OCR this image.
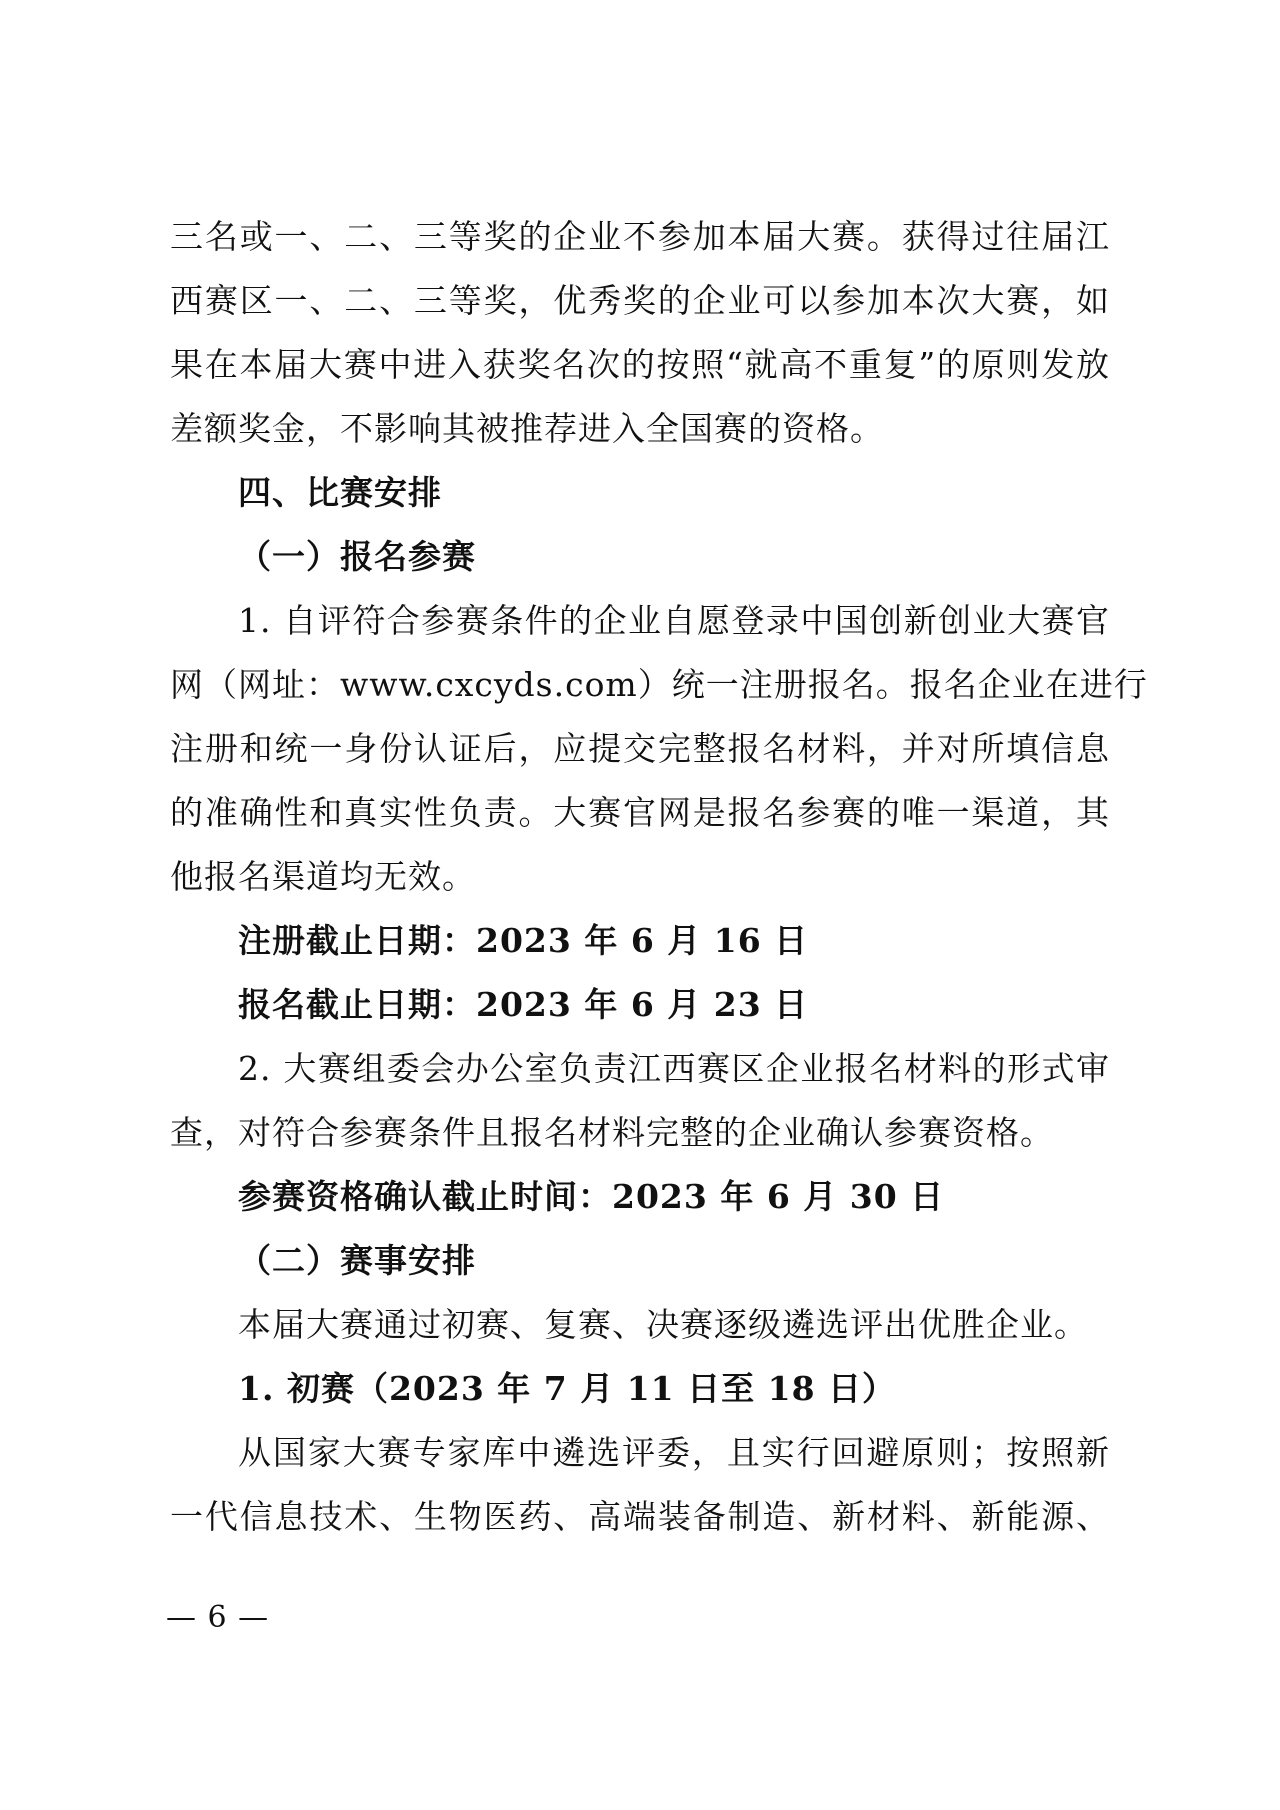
三名或一、二、三等奖的企业不参加本届大赛。获得过往届江
西赛区一、二、三等奖，优秀奖的企业可以参加本次大赛，如
果在本届大赛中进入获奖名次的按照“就高不重复”的原则发放
差额奖金，不影响其被推荐进入全国赛的资格。
四、比赛安排
（一）报名参赛
1. 自评符合参赛条件的企业自愿登录中国创新创业大赛官
网（网址：www.cxcyds.com）统一注册报名。报名企业在进行
注册和统一身份认证后，应提交完整报名材料，并对所填信息
的准确性和真实性负责。大赛官网是报名参赛的唯一渠道，其
他报名渠道均无效。
注册截止日期：2023 年 6 月 16 日
报名截止日期：2023 年 6 月 23 日
2. 大赛组委会办公室负责江西赛区企业报名材料的形式审
查，对符合参赛条件且报名材料完整的企业确认参赛资格。
参赛资格确认截止时间：2023 年 6 月 30 日
（二）赛事安排
本届大赛通过初赛、复赛、决赛逐级遴选评出优胜企业。
1. 初赛（2023 年 7 月 11 日至 18 日）
从国家大赛专家库中遴选评委，且实行回避原则；按照新
一代信息技术、生物医药、高端装备制造、新材料、新能源、
— 6 —
